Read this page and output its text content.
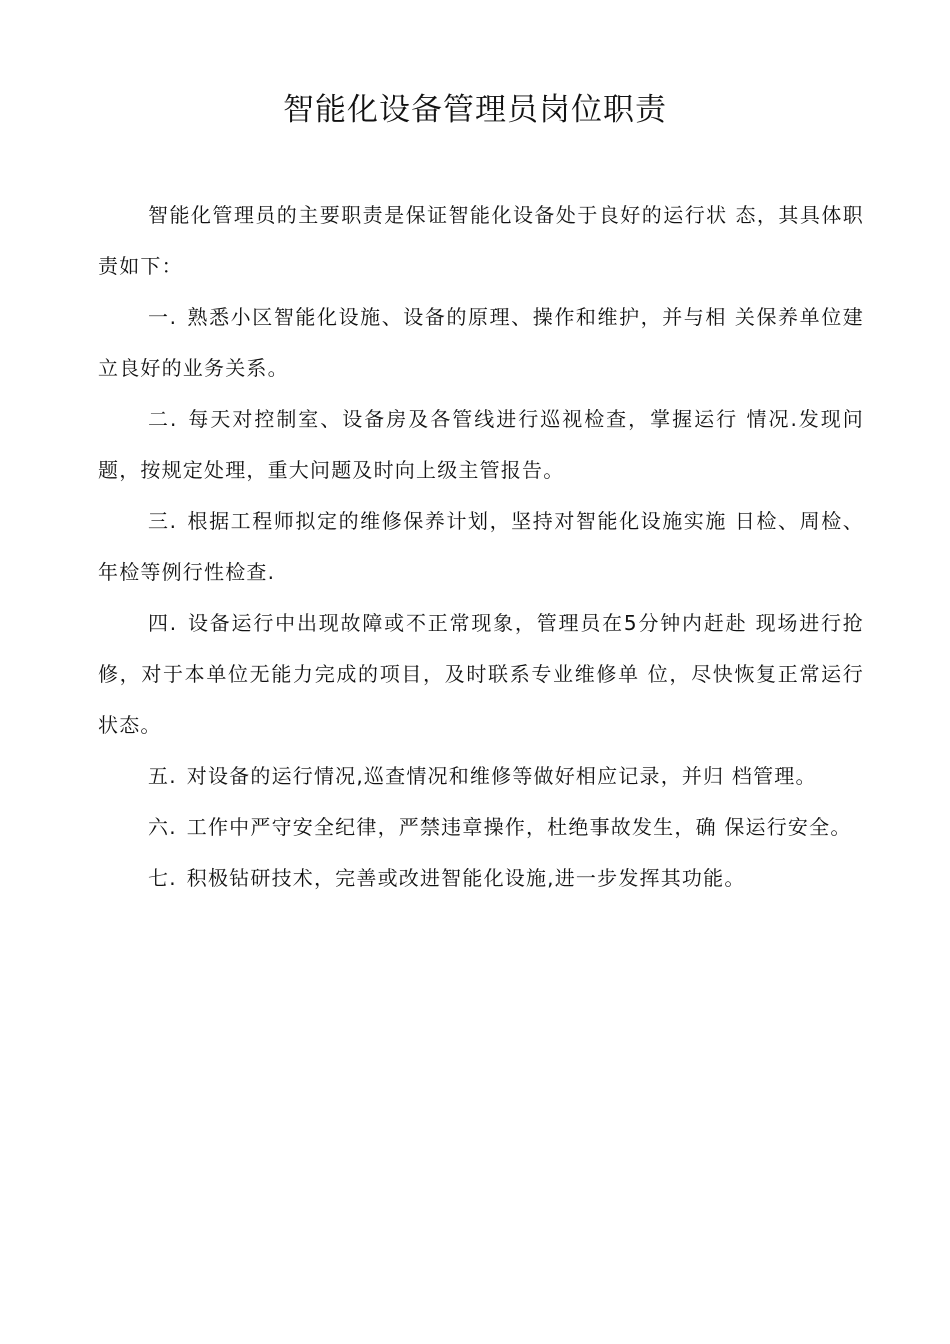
智能化设备管理员岗位职责

智能化管理员的主要职责是保证智能化设备处于良好的运行状 态，其具体职责如下：

一. 熟悉小区智能化设施、设备的原理、操作和维护，并与相 关保养单位建立良好的业务关系。

二. 每天对控制室、设备房及各管线进行巡视检查，掌握运行 情况.发现问题，按规定处理，重大问题及时向上级主管报告。

三. 根据工程师拟定的维修保养计划，坚持对智能化设施实施 日检、周检、年检等例行性检查.

四. 设备运行中出现故障或不正常现象，管理员在5分钟内赶赴 现场进行抢修，对于本单位无能力完成的项目，及时联系专业维修单 位，尽快恢复正常运行状态。

五. 对设备的运行情况,巡查情况和维修等做好相应记录，并归 档管理。

六. 工作中严守安全纪律，严禁违章操作，杜绝事故发生，确 保运行安全。

七. 积极钻研技术，完善或改进智能化设施,进一步发挥其功能。
